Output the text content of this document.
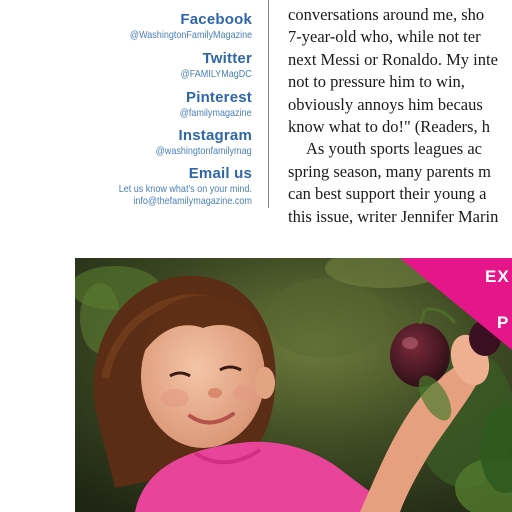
Facebook
@WashingtonFamilyMagazine
Twitter
@FAMILYMagDC
Pinterest
@familymagazine
Instagram
@washingtonfamilymag
Email us
Let us know what's on your mind.
info@thefamilymagazine.com
conversations around me, sho
7-year-old who, while not ter
next Messi or Ronaldo. My inte
not to pressure him to win,
obviously annoys him becaus
know what to do!" (Readers, h
As youth sports leagues ac
spring season, many parents m
can best support their young a
this issue, writer Jennifer Marin
EX
P
